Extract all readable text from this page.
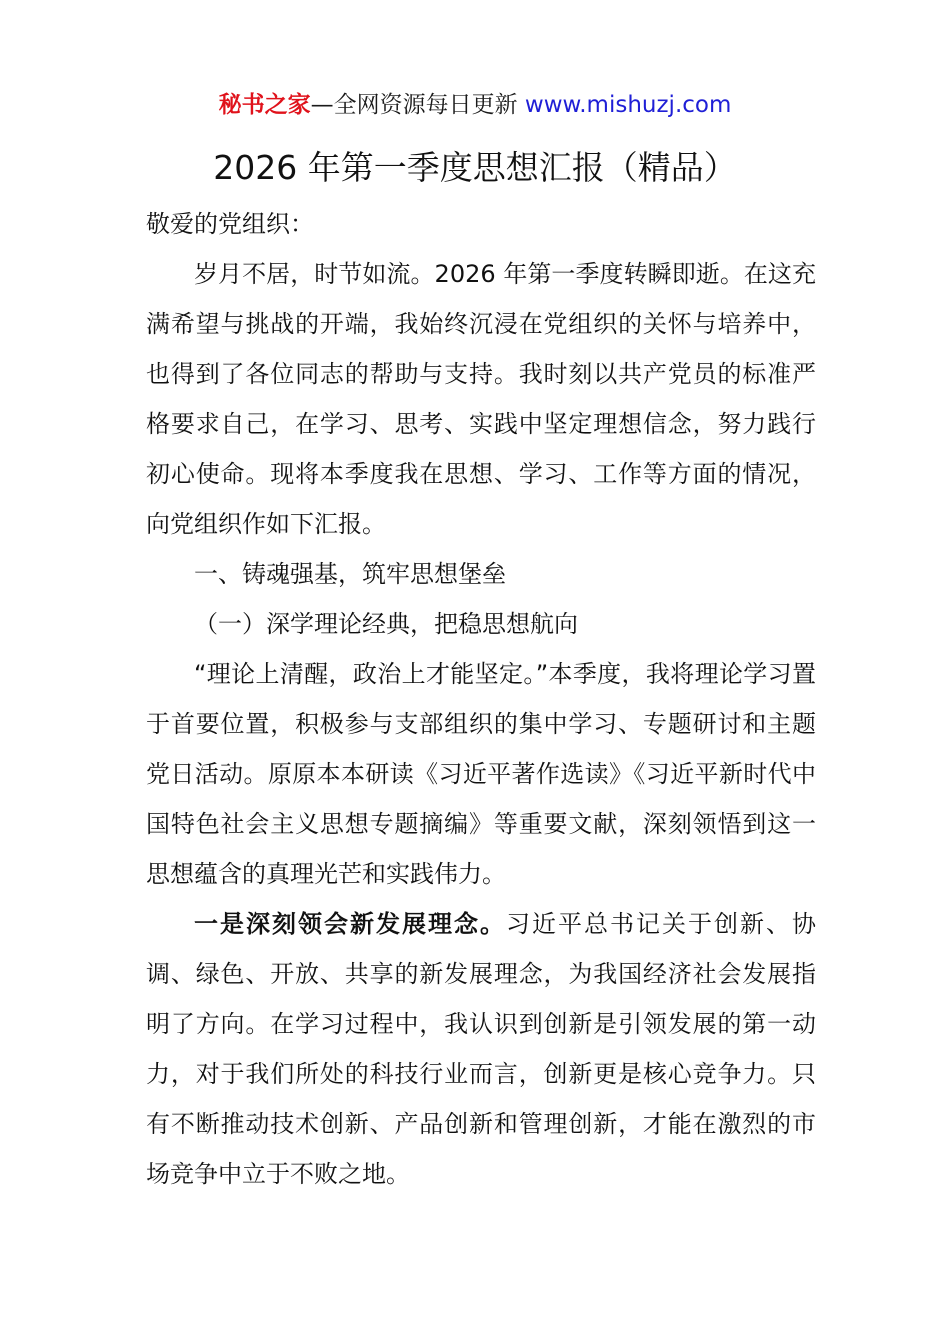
秘书之家—全网资源每日更新 www.mishuzj.com
2026 年第一季度思想汇报（精品）

敬爱的党组织：

岁月不居，时节如流。2026 年第一季度转瞬即逝。在这充满希望与挑战的开端，我始终沉浸在党组织的关怀与培养中，也得到了各位同志的帮助与支持。我时刻以共产党员的标准严格要求自己，在学习、思考、实践中坚定理想信念，努力践行初心使命。现将本季度我在思想、学习、工作等方面的情况，向党组织作如下汇报。

一、铸魂强基，筑牢思想堡垒

（一）深学理论经典，把稳思想航向

“理论上清醒，政治上才能坚定。”本季度，我将理论学习置于首要位置，积极参与支部组织的集中学习、专题研讨和主题党日活动。原原本本研读《习近平著作选读》《习近平新时代中国特色社会主义思想专题摘编》等重要文献，深刻领悟到这一思想蕴含的真理光芒和实践伟力。

一是深刻领会新发展理念。习近平总书记关于创新、协调、绿色、开放、共享的新发展理念，为我国经济社会发展指明了方向。在学习过程中，我认识到创新是引领发展的第一动力，对于我们所处的科技行业而言，创新更是核心竞争力。只有不断推动技术创新、产品创新和管理创新，才能在激烈的市场竞争中立于不败之地。
